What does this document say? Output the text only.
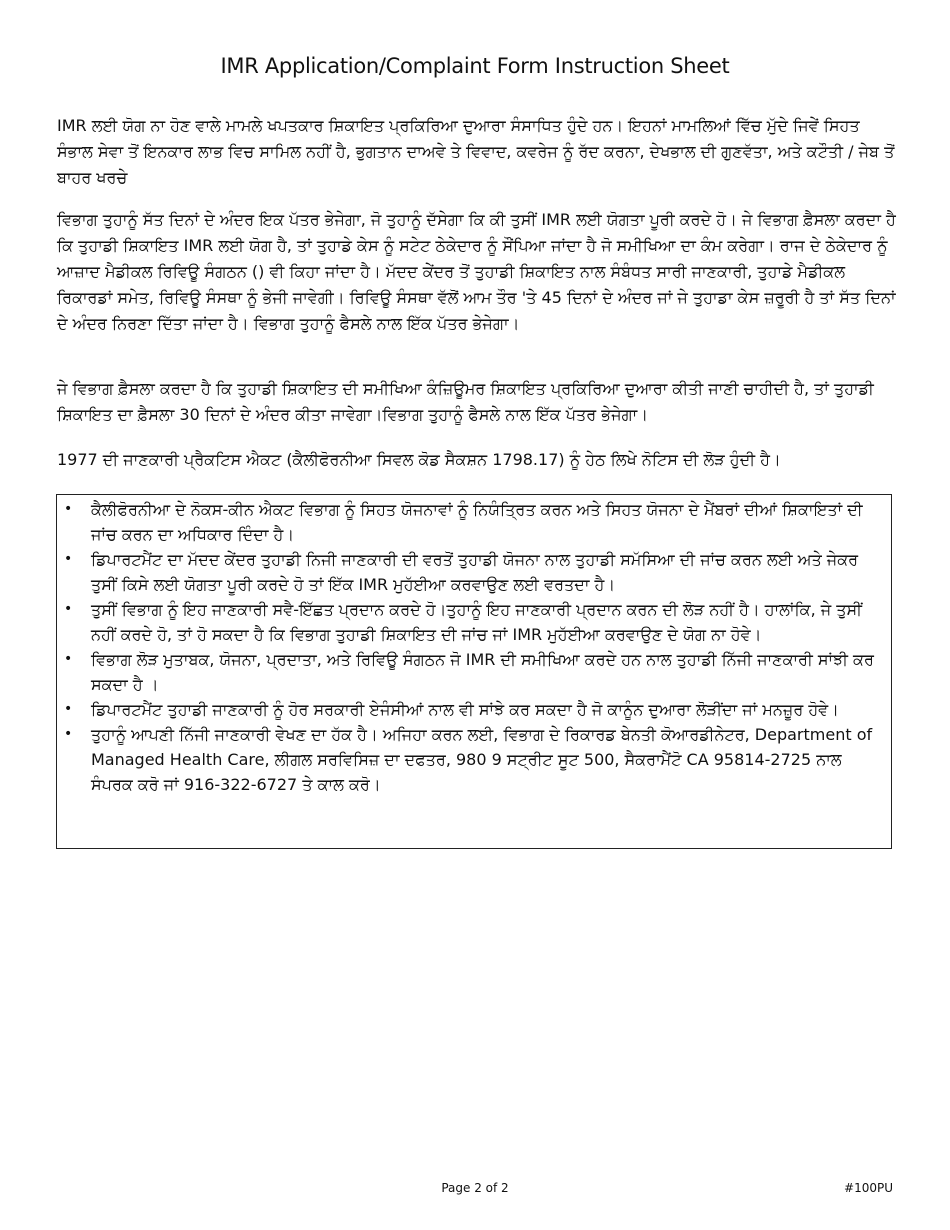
IMR Application/Complaint Form Instruction Sheet

IMR ਲਈ ਯੋਗ ਨਾ ਹੋਣ ਵਾਲੇ ਮਾਮਲੇ ਖਪਤਕਾਰ ਸ਼ਿਕਾਇਤ ਪ੍ਰਕਿਰਿਆ ਦੁਆਰਾ ਸੰਸਾਧਿਤ ਹੁੰਦੇ ਹਨ। ਇਹਨਾਂ ਮਾਮਲਿਆਂ ਵਿੱਚ ਮੁੱਦੇ ਜਿਵੇਂ ਸਿਹਤ ਸੰਭਾਲ ਸੇਵਾ ਤੋਂ ਇਨਕਾਰ ਲਾਭ ਵਿਚ ਸਾਮਿਲ ਨਹੀਂ ਹੈ, ਭੁਗਤਾਨ ਦਾਅਵੇ ਤੇ ਵਿਵਾਦ, ਕਵਰੇਜ ਨੂੰ ਰੱਦ ਕਰਨਾ, ਦੇਖਭਾਲ ਦੀ ਗੁਣਵੱਤਾ, ਅਤੇ ਕਟੌਤੀ / ਜੇਬ ਤੋਂ ਬਾਹਰ ਖਰਚੇ

ਵਿਭਾਗ ਤੁਹਾਨੂੰ ਸੱਤ ਦਿਨਾਂ ਦੇ ਅੰਦਰ ਇਕ ਪੱਤਰ ਭੇਜੇਗਾ, ਜੋ ਤੁਹਾਨੂੰ ਦੱਸੇਗਾ ਕਿ ਕੀ ਤੁਸੀਂ IMR ਲਈ ਯੋਗਤਾ ਪੂਰੀ ਕਰਦੇ ਹੋ। ਜੇ ਵਿਭਾਗ ਫ਼ੈਸਲਾ ਕਰਦਾ ਹੈ ਕਿ ਤੁਹਾਡੀ ਸ਼ਿਕਾਇਤ IMR ਲਈ ਯੋਗ ਹੈ, ਤਾਂ ਤੁਹਾਡੇ ਕੇਸ ਨੂੰ ਸਟੇਟ ਠੇਕੇਦਾਰ ਨੂੰ ਸੌਂਪਿਆ ਜਾਂਦਾ ਹੈ ਜੋ ਸਮੀਖਿਆ ਦਾ ਕੰਮ ਕਰੇਗਾ। ਰਾਜ ਦੇ ਠੇਕੇਦਾਰ ਨੂੰ ਆਜ਼ਾਦ ਮੈਡੀਕਲ ਰਿਵਿਊ ਸੰਗਠਨ () ਵੀ ਕਿਹਾ ਜਾਂਦਾ ਹੈ। ਮੱਦਦ ਕੇਂਦਰ ਤੋਂ ਤੁਹਾਡੀ ਸ਼ਿਕਾਇਤ ਨਾਲ ਸੰਬੰਧਤ ਸਾਰੀ ਜਾਣਕਾਰੀ, ਤੁਹਾਡੇ ਮੈਡੀਕਲ ਰਿਕਾਰਡਾਂ ਸਮੇਤ, ਰਿਵਿਊ ਸੰਸਥਾ ਨੂੰ ਭੇਜੀ ਜਾਵੇਗੀ। ਰਿਵਿਊ ਸੰਸਥਾ ਵੱਲੋਂ ਆਮ ਤੌਰ 'ਤੇ 45 ਦਿਨਾਂ ਦੇ ਅੰਦਰ ਜਾਂ ਜੇ ਤੁਹਾਡਾ ਕੇਸ ਜ਼ਰੂਰੀ ਹੈ ਤਾਂ ਸੱਤ ਦਿਨਾਂ ਦੇ ਅੰਦਰ ਨਿਰਣਾ ਦਿੱਤਾ ਜਾਂਦਾ ਹੈ। ਵਿਭਾਗ ਤੁਹਾਨੂੰ ਫੈਸਲੇ ਨਾਲ ਇੱਕ ਪੱਤਰ ਭੇਜੇਗਾ।

ਜੇ ਵਿਭਾਗ ਫ਼ੈਸਲਾ ਕਰਦਾ ਹੈ ਕਿ ਤੁਹਾਡੀ ਸ਼ਿਕਾਇਤ ਦੀ ਸਮੀਖਿਆ ਕੰਜ਼ਿਊਮਰ ਸ਼ਿਕਾਇਤ ਪ੍ਰਕਿਰਿਆ ਦੁਆਰਾ ਕੀਤੀ ਜਾਣੀ ਚਾਹੀਦੀ ਹੈ, ਤਾਂ ਤੁਹਾਡੀ ਸ਼ਿਕਾਇਤ ਦਾ ਫ਼ੈਸਲਾ 30 ਦਿਨਾਂ ਦੇ ਅੰਦਰ ਕੀਤਾ ਜਾਵੇਗਾ।ਵਿਭਾਗ ਤੁਹਾਨੂੰ ਫੈਸਲੇ ਨਾਲ ਇੱਕ ਪੱਤਰ ਭੇਜੇਗਾ।

1977 ਦੀ ਜਾਣਕਾਰੀ ਪ੍ਰੈਕਟਿਸ ਐਕਟ (ਕੈਲੀਫੋਰਨੀਆ ਸਿਵਲ ਕੋਡ ਸੈਕਸ਼ਨ 1798.17) ਨੂੰ ਹੇਠ ਲਿਖੇ ਨੋਟਿਸ ਦੀ ਲੋੜ ਹੁੰਦੀ ਹੈ।

• ਕੈਲੀਫੋਰਨੀਆ ਦੇ ਨੋਕਸ-ਕੀਨ ਐਕਟ ਵਿਭਾਗ ਨੂੰ ਸਿਹਤ ਯੋਜਨਾਵਾਂ ਨੂੰ ਨਿਯੰਤ੍ਰਿਤ ਕਰਨ ਅਤੇ ਸਿਹਤ ਯੋਜਨਾ ਦੇ ਮੈਂਬਰਾਂ ਦੀਆਂ ਸ਼ਿਕਾਇਤਾਂ ਦੀ ਜਾਂਚ ਕਰਨ ਦਾ ਅਧਿਕਾਰ ਦਿੰਦਾ ਹੈ।
• ਡਿਪਾਰਟਮੈਂਟ ਦਾ ਮੱਦਦ ਕੇਂਦਰ ਤੁਹਾਡੀ ਨਿਜੀ ਜਾਣਕਾਰੀ ਦੀ ਵਰਤੋਂ ਤੁਹਾਡੀ ਯੋਜਨਾ ਨਾਲ ਤੁਹਾਡੀ ਸਮੱਸਿਆ ਦੀ ਜਾਂਚ ਕਰਨ ਲਈ ਅਤੇ ਜੇਕਰ ਤੁਸੀਂ ਕਿਸੇ ਲਈ ਯੋਗਤਾ ਪੂਰੀ ਕਰਦੇ ਹੋ ਤਾਂ ਇੱਕ IMR ਮੁਹੱਈਆ ਕਰਵਾਉਣ ਲਈ ਵਰਤਦਾ ਹੈ।
• ਤੁਸੀਂ ਵਿਭਾਗ ਨੂੰ ਇਹ ਜਾਣਕਾਰੀ ਸਵੈ-ਇੱਛਤ ਪ੍ਰਦਾਨ ਕਰਦੇ ਹੋ।ਤੁਹਾਨੂੰ ਇਹ ਜਾਣਕਾਰੀ ਪ੍ਰਦਾਨ ਕਰਨ ਦੀ ਲੋੜ ਨਹੀਂ ਹੈ। ਹਾਲਾਂਕਿ, ਜੇ ਤੁਸੀਂ ਨਹੀਂ ਕਰਦੇ ਹੋ, ਤਾਂ ਹੋ ਸਕਦਾ ਹੈ ਕਿ ਵਿਭਾਗ ਤੁਹਾਡੀ ਸ਼ਿਕਾਇਤ ਦੀ ਜਾਂਚ ਜਾਂ IMR ਮੁਹੱਈਆ ਕਰਵਾਉਣ ਦੇ ਯੋਗ ਨਾ ਹੋਵੇ।
• ਵਿਭਾਗ ਲੋੜ ਮੁਤਾਬਕ, ਯੋਜਨਾ, ਪ੍ਰਦਾਤਾ, ਅਤੇ ਰਿਵਿਊ ਸੰਗਠਨ ਜੋ IMR ਦੀ ਸਮੀਖਿਆ ਕਰਦੇ ਹਨ ਨਾਲ ਤੁਹਾਡੀ ਨਿੱਜੀ ਜਾਣਕਾਰੀ ਸਾਂਝੀ ਕਰ ਸਕਦਾ ਹੈ ।
• ਡਿਪਾਰਟਮੈਂਟ ਤੁਹਾਡੀ ਜਾਣਕਾਰੀ ਨੂੰ ਹੋਰ ਸਰਕਾਰੀ ਏਜੰਸੀਆਂ ਨਾਲ ਵੀ ਸਾਂਝੇ ਕਰ ਸਕਦਾ ਹੈ ਜੋ ਕਾਨੂੰਨ ਦੁਆਰਾ ਲੋੜੀਂਦਾ ਜਾਂ ਮਨਜ਼ੂਰ ਹੋਵੇ।
• ਤੁਹਾਨੂੰ ਆਪਣੀ ਨਿੱਜੀ ਜਾਣਕਾਰੀ ਵੇਖਣ ਦਾ ਹੱਕ ਹੈ। ਅਜਿਹਾ ਕਰਨ ਲਈ, ਵਿਭਾਗ ਦੇ ਰਿਕਾਰਡ ਬੇਨਤੀ ਕੋਆਰਡੀਨੇਟਰ, Department of Managed Health Care, ਲੀਗਲ ਸਰਵਿਸਿਜ਼ ਦਾ ਦਫਤਰ, 980 9 ਸਟ੍ਰੀਟ ਸੂਟ 500, ਸੈਕਰਾਮੈਂਟੋ CA 95814-2725 ਨਾਲ ਸੰਪਰਕ ਕਰੋ ਜਾਂ 916-322-6727 ਤੇ ਕਾਲ ਕਰੋ।
Page 2 of 2	#100PU
